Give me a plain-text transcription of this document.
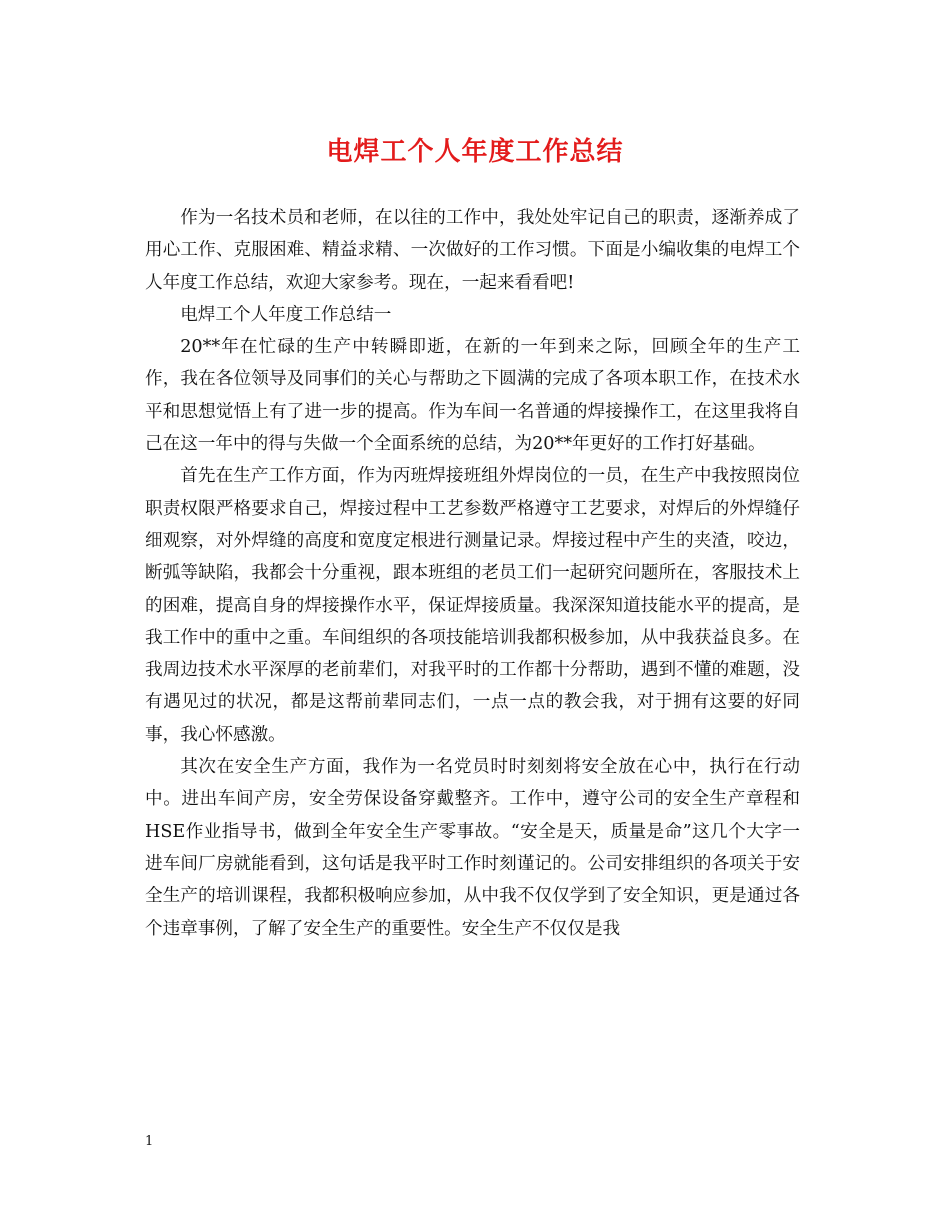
电焊工个人年度工作总结

作为一名技术员和老师，在以往的工作中，我处处牢记自己的职责，逐渐养成了用心工作、克服困难、精益求精、一次做好的工作习惯。下面是小编收集的电焊工个人年度工作总结，欢迎大家参考。现在，一起来看看吧!

电焊工个人年度工作总结一

20**年在忙碌的生产中转瞬即逝，在新的一年到来之际，回顾全年的生产工作，我在各位领导及同事们的关心与帮助之下圆满的完成了各项本职工作，在技术水平和思想觉悟上有了进一步的提高。作为车间一名普通的焊接操作工，在这里我将自己在这一年中的得与失做一个全面系统的总结，为20**年更好的工作打好基础。

首先在生产工作方面，作为丙班焊接班组外焊岗位的一员，在生产中我按照岗位职责权限严格要求自己，焊接过程中工艺参数严格遵守工艺要求，对焊后的外焊缝仔细观察，对外焊缝的高度和宽度定根进行测量记录。焊接过程中产生的夹渣，咬边，断弧等缺陷，我都会十分重视，跟本班组的老员工们一起研究问题所在，客服技术上的困难，提高自身的焊接操作水平，保证焊接质量。我深深知道技能水平的提高，是我工作中的重中之重。车间组织的各项技能培训我都积极参加，从中我获益良多。在我周边技术水平深厚的老前辈们，对我平时的工作都十分帮助，遇到不懂的难题，没有遇见过的状况，都是这帮前辈同志们，一点一点的教会我，对于拥有这要的好同事，我心怀感激。

其次在安全生产方面，我作为一名党员时时刻刻将安全放在心中，执行在行动中。进出车间产房，安全劳保设备穿戴整齐。工作中，遵守公司的安全生产章程和HSE作业指导书，做到全年安全生产零事故。“安全是天，质量是命”这几个大字一进车间厂房就能看到，这句话是我平时工作时刻谨记的。公司安排组织的各项关于安全生产的培训课程，我都积极响应参加，从中我不仅仅学到了安全知识，更是通过各个违章事例，了解了安全生产的重要性。安全生产不仅仅是我

1
